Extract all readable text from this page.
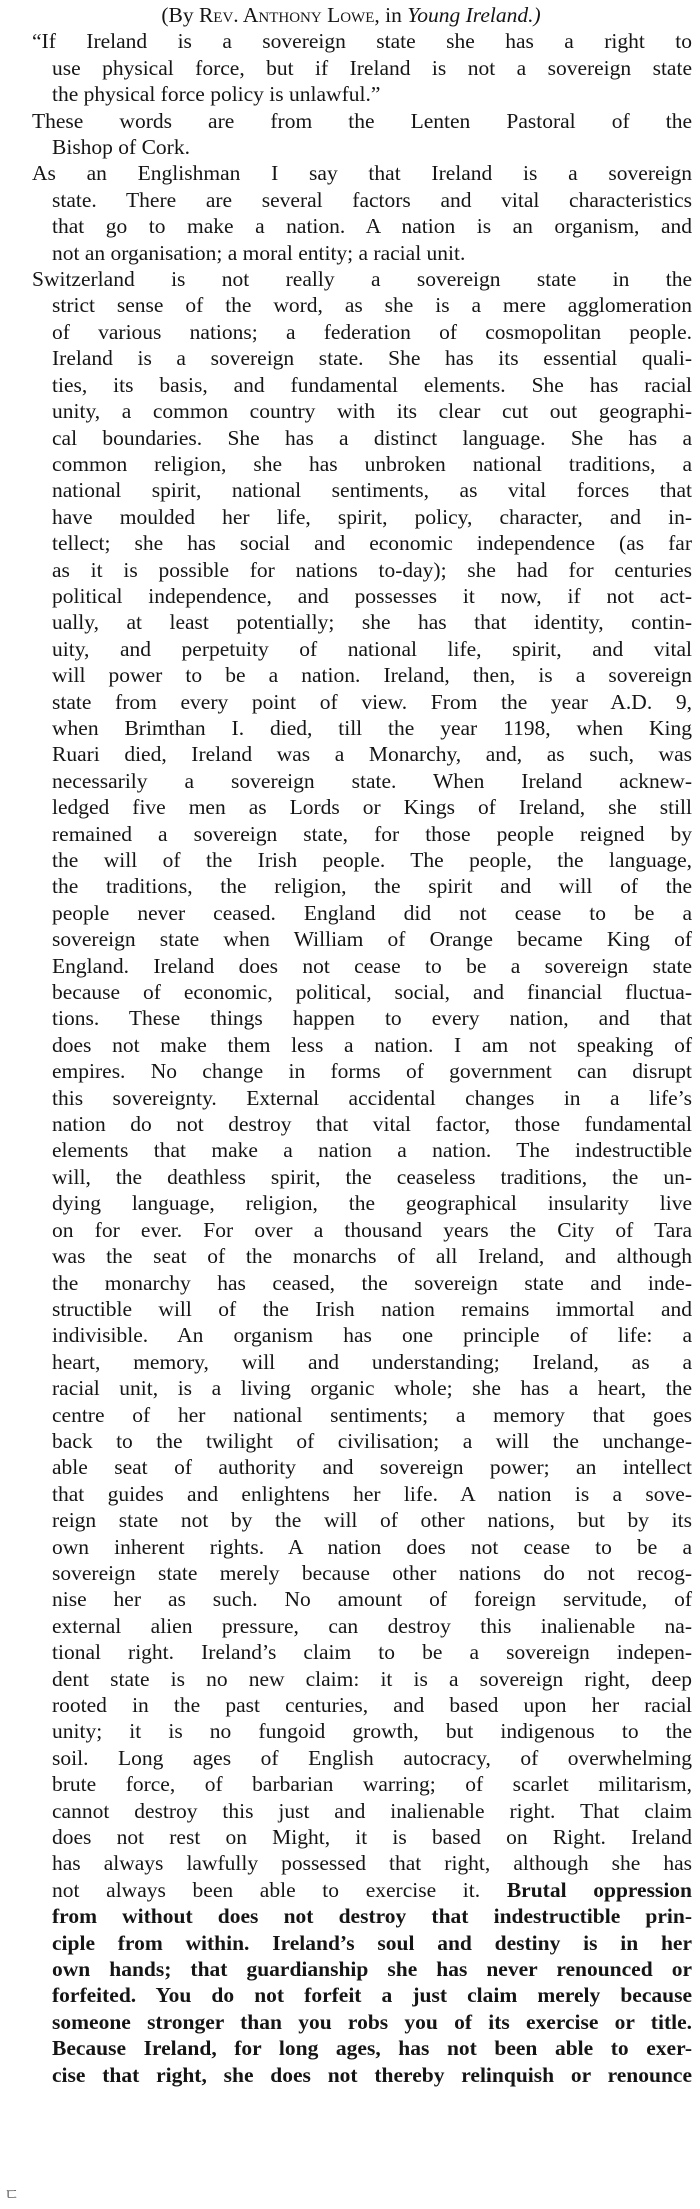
(By Rev. Anthony Lowe, in Young Ireland.)
“If Ireland is a sovereign state she has a right to
use physical force, but if Ireland is not a sovereign state
the physical force policy is unlawful.”
These words are from the Lenten Pastoral of the
Bishop of Cork.
As an Englishman I say that Ireland is a sovereign
state. There are several factors and vital characteristics
that go to make a nation. A nation is an organism, and
not an organisation; a moral entity; a racial unit.
Switzerland is not really a sovereign state in the
strict sense of the word, as she is a mere agglomeration
of various nations; a federation of cosmopolitan people.
Ireland is a sovereign state. She has its essential quali-
ties, its basis, and fundamental elements. She has racial
unity, a common country with its clear cut out geographi-
cal boundaries. She has a distinct language. She has a
common religion, she has unbroken national traditions, a
national spirit, national sentiments, as vital forces that
have moulded her life, spirit, policy, character, and in-
tellect; she has social and economic independence (as far
as it is possible for nations to-day); she had for centuries
political independence, and possesses it now, if not act-
ually, at least potentially; she has that identity, contin-
uity, and perpetuity of national life, spirit, and vital
will power to be a nation. Ireland, then, is a sovereign
state from every point of view. From the year A.D. 9,
when Brimthan I. died, till the year 1198, when King
Ruari died, Ireland was a Monarchy, and, as such, was
necessarily a sovereign state. When Ireland acknew-
ledged five men as Lords or Kings of Ireland, she still
remained a sovereign state, for those people reigned by
the will of the Irish people. The people, the language,
the traditions, the religion, the spirit and will of the
people never ceased. England did not cease to be a
sovereign state when William of Orange became King of
England. Ireland does not cease to be a sovereign state
because of economic, political, social, and financial fluctua-
tions. These things happen to every nation, and that
does not make them less a nation. I am not speaking of
empires. No change in forms of government can disrupt
this sovereignty. External accidental changes in a life’s
nation do not destroy that vital factor, those fundamental
elements that make a nation a nation. The indestructible
will, the deathless spirit, the ceaseless traditions, the un-
dying language, religion, the geographical insularity live
on for ever. For over a thousand years the City of Tara
was the seat of the monarchs of all Ireland, and although
the monarchy has ceased, the sovereign state and inde-
structible will of the Irish nation remains immortal and
indivisible. An organism has one principle of life: a
heart, memory, will and understanding; Ireland, as a
racial unit, is a living organic whole; she has a heart, the
centre of her national sentiments; a memory that goes
back to the twilight of civilisation; a will the unchange-
able seat of authority and sovereign power; an intellect
that guides and enlightens her life. A nation is a sove-
reign state not by the will of other nations, but by its
own inherent rights. A nation does not cease to be a
sovereign state merely because other nations do not recog-
nise her as such. No amount of foreign servitude, of
external alien pressure, can destroy this inalienable na-
tional right. Ireland’s claim to be a sovereign indepen-
dent state is no new claim: it is a sovereign right, deep
rooted in the past centuries, and based upon her racial
unity; it is no fungoid growth, but indigenous to the
soil. Long ages of English autocracy, of overwhelming
brute force, of barbarian warring; of scarlet militarism,
cannot destroy this just and inalienable right. That claim
does not rest on Might, it is based on Right. Ireland
has always lawfully possessed that right, although she has
not always been able to exercise it. Brutal oppression
from without does not destroy that indestructible prin-
ciple from within. Ireland’s soul and destiny is in her
own hands; that guardianship she has never renounced or
forfeited. You do not forfeit a just claim merely because
someone stronger than you robs you of its exercise or title.
Because Ireland, for long ages, has not been able to exer-
cise that right, she does not thereby relinquish or renounce
ㄷ
